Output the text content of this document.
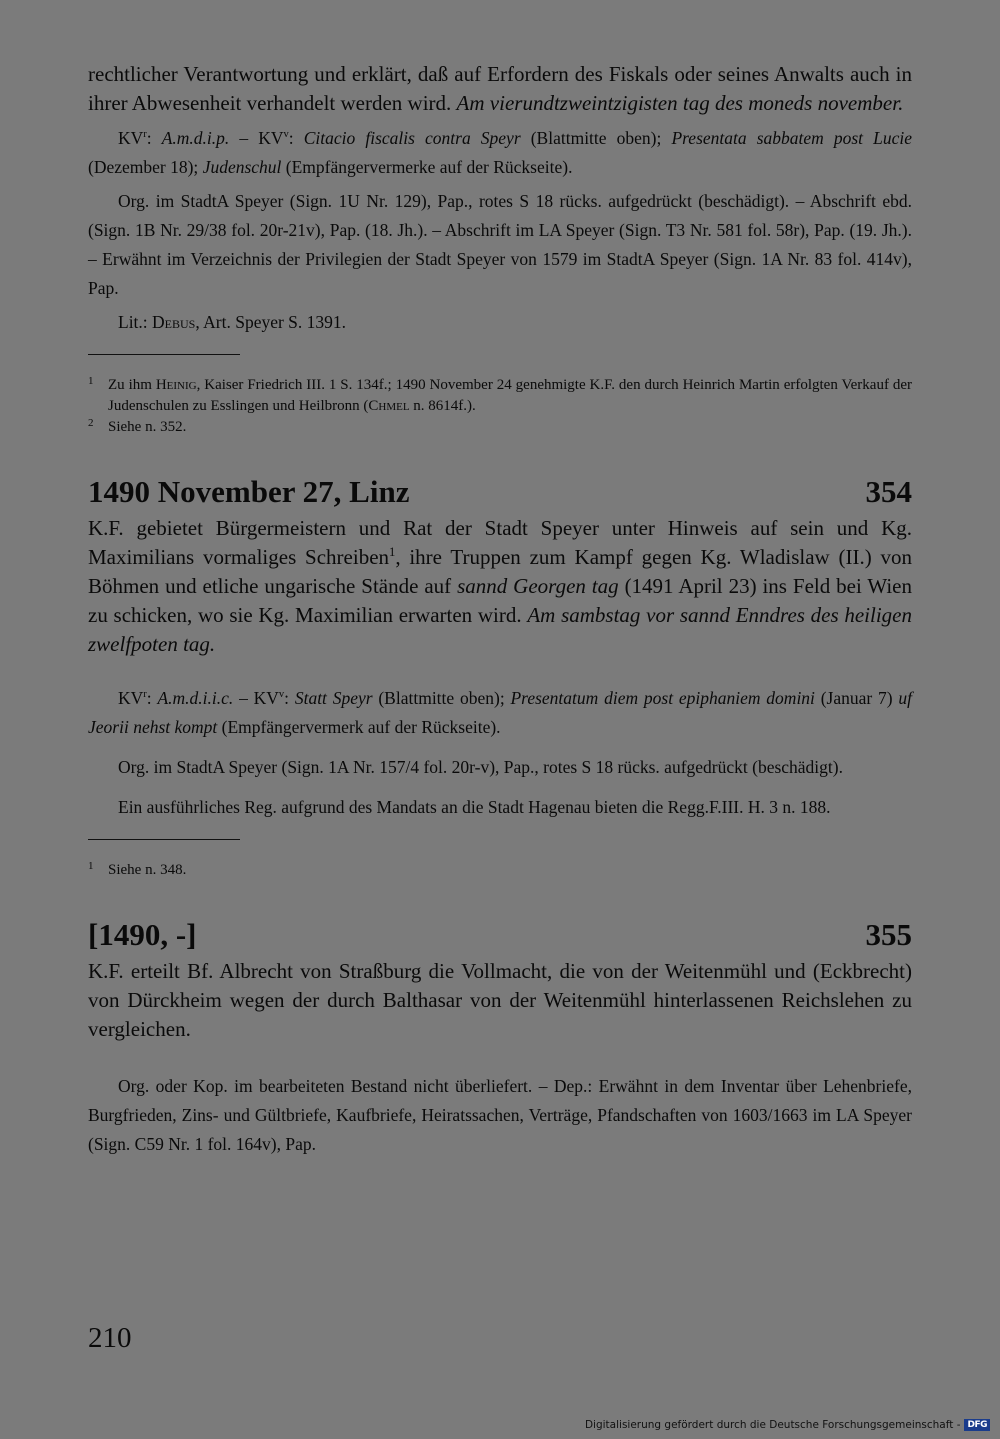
rechtlicher Verantwortung und erklärt, daß auf Erfordern des Fiskals oder seines Anwalts auch in ihrer Abwesenheit verhandelt werden wird. Am vierundtzweintzigisten tag des moneds november.

$KV^r$: A.m.d.i.p. – $KV^v$: Citacio fiscalis contra Speyr (Blattmitte oben); Presentata sabbatem post Lucie (Dezember 18); Judenschul (Empfängervermerke auf der Rückseite).

Org. im StadtA Speyer (Sign. 1U Nr. 129), Pap., rotes S 18 rücks. aufgedrückt (beschädigt). – Abschrift ebd. (Sign. 1B Nr. 29/38 fol. 20r-21v), Pap. (18. Jh.). – Abschrift im LA Speyer (Sign. T3 Nr. 581 fol. 58r), Pap. (19. Jh.). – Erwähnt im Verzeichnis der Privilegien der Stadt Speyer von 1579 im StadtA Speyer (Sign. 1A Nr. 83 fol. 414v), Pap.

Lit.: Debus, Art. Speyer S. 1391.

1 Zu ihm Heinig, Kaiser Friedrich III. 1 S. 134f.; 1490 November 24 genehmigte K.F. den durch Heinrich Martin erfolgten Verkauf der Judenschulen zu Esslingen und Heilbronn (Chmel n. 8614f.).

2 Siehe n. 352.

1490 November 27, Linz	354

K.F. gebietet Bürgermeistern und Rat der Stadt Speyer unter Hinweis auf sein und Kg. Maximilians vormaliges Schreiben$^1$, ihre Truppen zum Kampf gegen Kg. Wladislaw (II.) von Böhmen und etliche ungarische Stände auf sannd Georgen tag (1491 April 23) ins Feld bei Wien zu schicken, wo sie Kg. Maximilian erwarten wird. Am sambstag vor sannd Enndres des heiligen zwelfpoten tag.

$KV^r$: A.m.d.i.i.c. – $KV^v$: Statt Speyr (Blattmitte oben); Presentatum diem post epiphaniem domini (Januar 7) uf Jeorii nehst kompt (Empfängervermerk auf der Rückseite).

Org. im StadtA Speyer (Sign. 1A Nr. 157/4 fol. 20r-v), Pap., rotes S 18 rücks. aufgedrückt (beschädigt).

Ein ausführliches Reg. aufgrund des Mandats an die Stadt Hagenau bieten die Regg.F.III. H. 3 n. 188.

1 Siehe n. 348.

[1490, -]	355

K.F. erteilt Bf. Albrecht von Straßburg die Vollmacht, die von der Weitenmühl und (Eckbrecht) von Dürckheim wegen der durch Balthasar von der Weitenmühl hinterlassenen Reichslehen zu vergleichen.

Org. oder Kop. im bearbeiteten Bestand nicht überliefert. – Dep.: Erwähnt in dem Inventar über Lehenbriefe, Burgfrieden, Zins- und Gültbriefe, Kaufbriefe, Heiratssachen, Verträge, Pfandschaften von 1603/1663 im LA Speyer (Sign. C59 Nr. 1 fol. 164v), Pap.

210
Digitalisierung gefördert durch die Deutsche Forschungsgemeinschaft - DFG
